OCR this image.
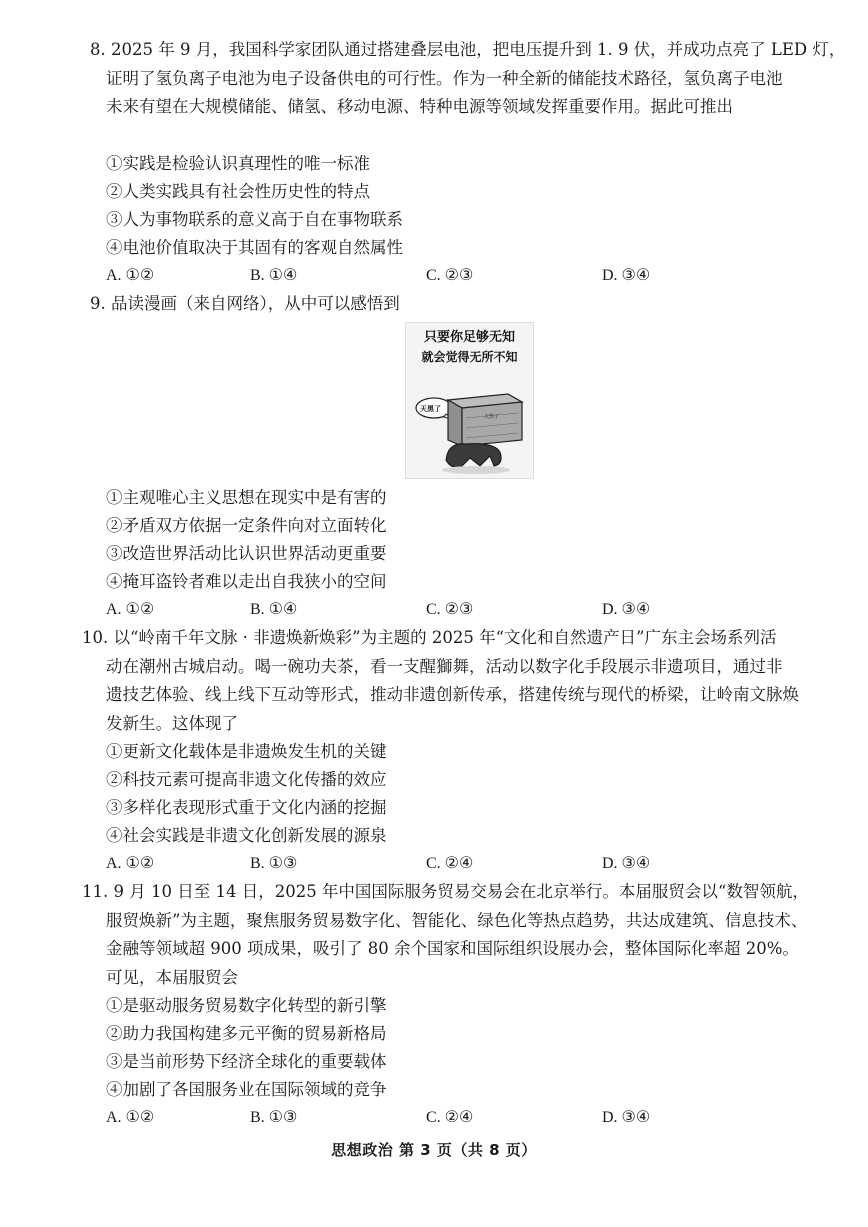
8. 2025 年 9 月，我国科学家团队通过搭建叠层电池，把电压提升到 1. 9 伏，并成功点亮了 LED 灯，
证明了氢负离子电池为电子设备供电的可行性。作为一种全新的储能技术路径，氢负离子电池
未来有望在大规模储能、储氢、移动电源、特种电源等领域发挥重要作用。据此可推出
①实践是检验认识真理性的唯一标准
②人类实践具有社会性历史性的特点
③人为事物联系的意义高于自在事物联系
④电池价值取决于其固有的客观自然属性
A. ①②	B. ①④	C. ②③	D. ③④
9. 品读漫画（来自网络），从中可以感悟到
只要你足够无知
就会觉得无所不知
天黑了
天黑了
①主观唯心主义思想在现实中是有害的
②矛盾双方依据一定条件向对立面转化
③改造世界活动比认识世界活动更重要
④掩耳盗铃者难以走出自我狭小的空间
A. ①②	B. ①④	C. ②③	D. ③④
10. 以“岭南千年文脉 · 非遗焕新焕彩”为主题的 2025 年“文化和自然遗产日”广东主会场系列活
动在潮州古城启动。喝一碗功夫茶，看一支醒獅舞，活动以数字化手段展示非遗项目，通过非
遗技艺体验、线上线下互动等形式，推动非遗创新传承，搭建传统与现代的桥梁，让岭南文脉焕
发新生。这体现了
①更新文化载体是非遗焕发生机的关键
②科技元素可提高非遗文化传播的效应
③多样化表现形式重于文化内涵的挖掘
④社会实践是非遗文化创新发展的源泉
A. ①②	B. ①③	C. ②④	D. ③④
11. 9 月 10 日至 14 日，2025 年中国国际服务贸易交易会在北京举行。本届服贸会以“数智领航，
服贸焕新”为主题，聚焦服务贸易数字化、智能化、绿色化等热点趋势，共达成建筑、信息技术、
金融等领域超 900 项成果，吸引了 80 余个国家和国际组织设展办会，整体国际化率超 20%。
可见，本届服贸会
①是驱动服务贸易数字化转型的新引擎
②助力我国构建多元平衡的贸易新格局
③是当前形势下经济全球化的重要载体
④加剧了各国服务业在国际领域的竞争
A. ①②	B. ①③	C. ②④	D. ③④
思想政治 第 3 页（共 8 页）
